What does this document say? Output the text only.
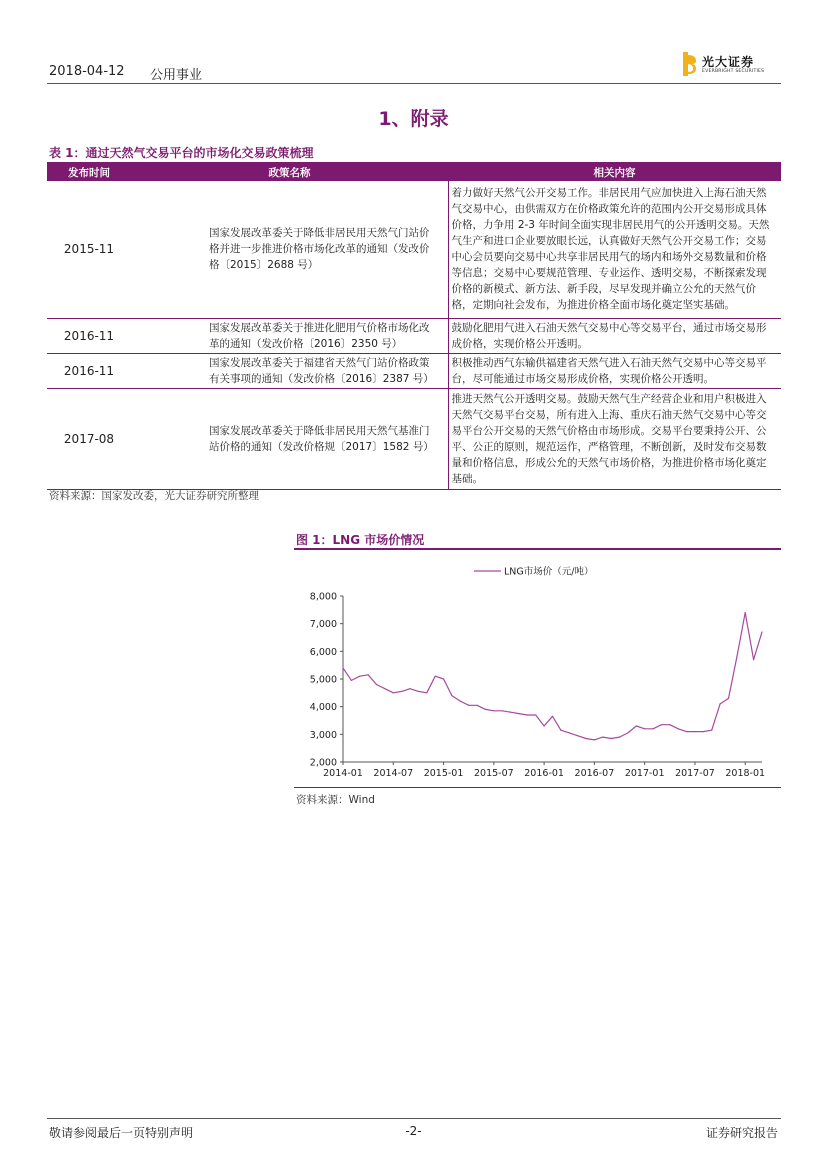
2018-04-12 公用事业
光大证券
EVERBRIGHT SECURITIES
1、附录
表 1：通过天然气交易平台的市场化交易政策梳理
发布时间	政策名称	相关内容
2015-11	国家发展改革委关于降低非居民用天然气门站价格并进一步推进价格市场化改革的通知（发改价格〔2015〕2688 号）	着力做好天然气公开交易工作。非居民用气应加快进入上海石油天然气交易中心，由供需双方在价格政策允许的范围内公开交易形成具体价格，力争用 2-3 年时间全面实现非居民用气的公开透明交易。天然气生产和进口企业要放眼长远，认真做好天然气公开交易工作；交易中心会员要向交易中心共享非居民用气的场内和场外交易数量和价格等信息；交易中心要规范管理、专业运作、透明交易，不断探索发现价格的新模式、新方法、新手段，尽早发现并确立公允的天然气价格，定期向社会发布，为推进价格全面市场化奠定坚实基础。
2016-11	国家发展改革委关于推进化肥用气价格市场化改革的通知（发改价格〔2016〕2350 号）	鼓励化肥用气进入石油天然气交易中心等交易平台，通过市场交易形成价格，实现价格公开透明。
2016-11	国家发展改革委关于福建省天然气门站价格政策有关事项的通知（发改价格〔2016〕2387 号）	积极推动西气东输供福建省天然气进入石油天然气交易中心等交易平台，尽可能通过市场交易形成价格，实现价格公开透明。
2017-08	国家发展改革委关于降低非居民用天然气基准门站价格的通知（发改价格规〔2017〕1582 号）	推进天然气公开透明交易。鼓励天然气生产经营企业和用户积极进入天然气交易平台交易，所有进入上海、重庆石油天然气交易中心等交易平台公开交易的天然气价格由市场形成。交易平台要秉持公开、公平、公正的原则，规范运作，严格管理，不断创新，及时发布交易数量和价格信息，形成公允的天然气市场价格，为推进价格市场化奠定基础。
资料来源：国家发改委，光大证券研究所整理
图 1：LNG 市场价情况
LNG市场价（元/吨）
2,000
3,000
4,000
5,000
6,000
7,000
8,000
2014-01 2014-07 2015-01 2015-07 2016-01 2016-07 2017-01 2017-07 2018-01
资料来源：Wind
敬请参阅最后一页特别声明	-2-	证券研究报告
